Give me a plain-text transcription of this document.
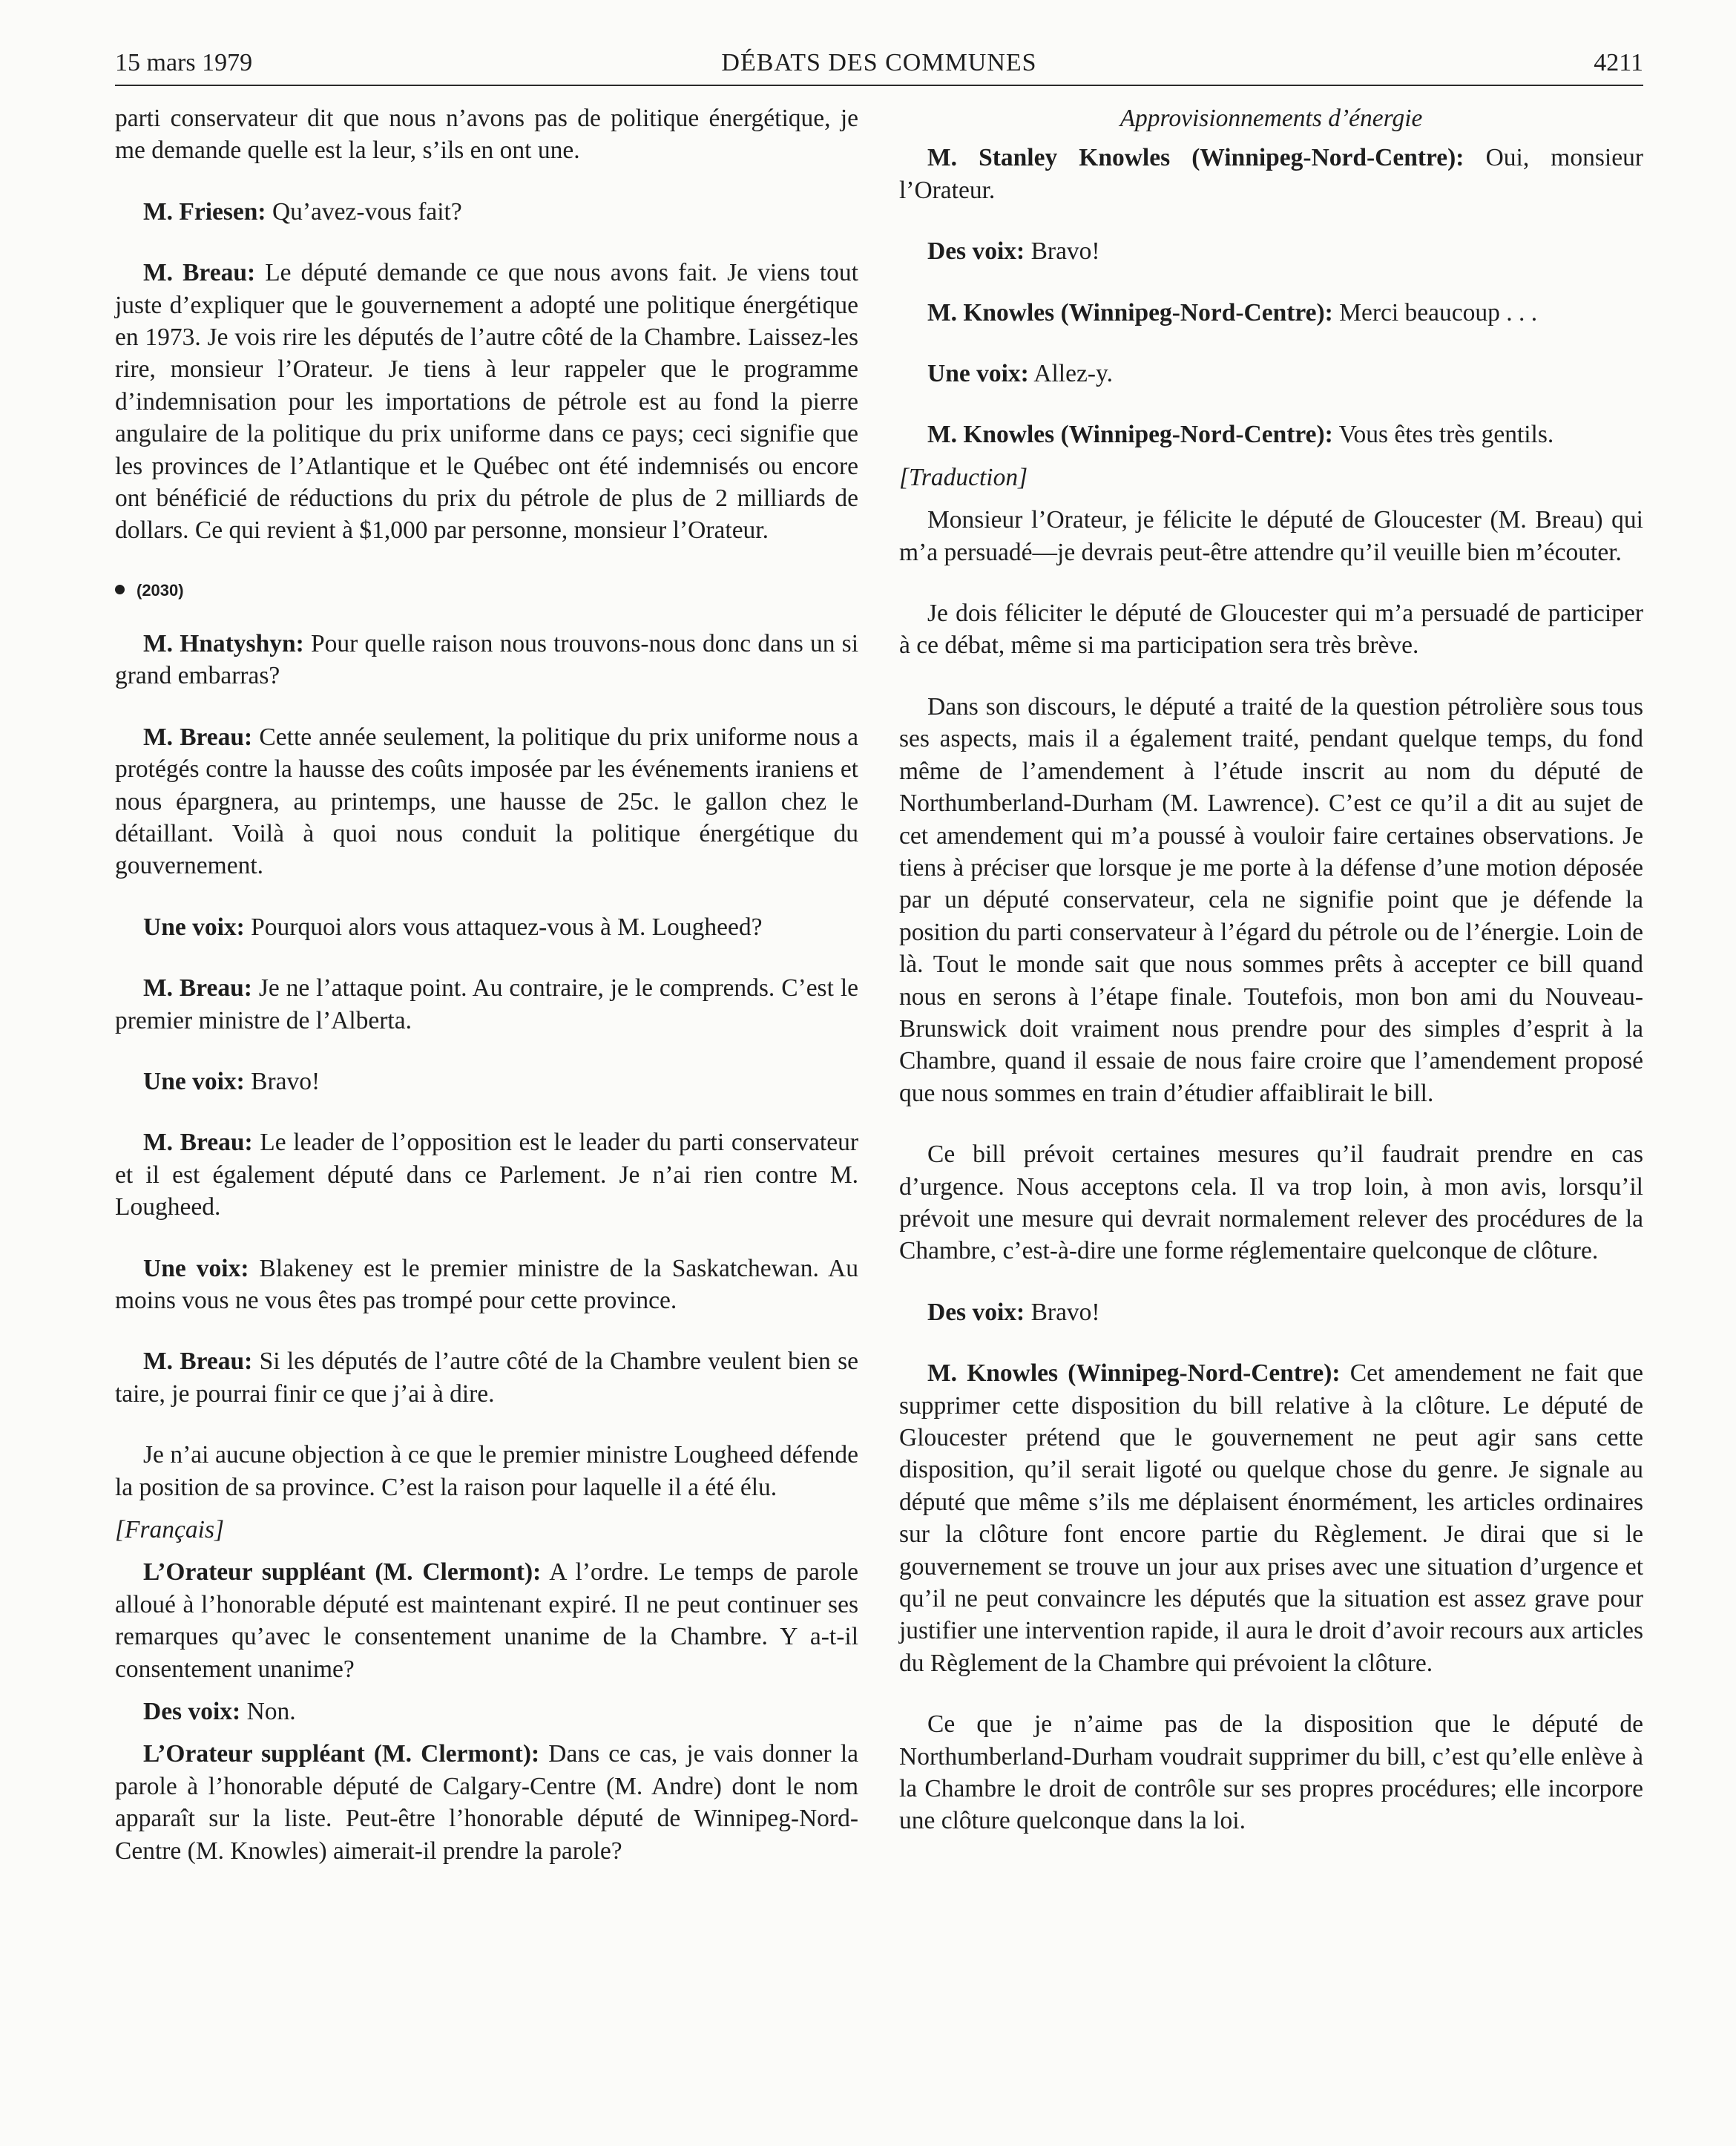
15 mars 1979	DÉBATS DES COMMUNES	4211

parti conservateur dit que nous n’avons pas de politique énergétique, je me demande quelle est la leur, s’ils en ont une.

M. Friesen: Qu’avez-vous fait?

M. Breau: Le député demande ce que nous avons fait. Je viens tout juste d’expliquer que le gouvernement a adopté une politique énergétique en 1973. Je vois rire les députés de l’autre côté de la Chambre. Laissez-les rire, monsieur l’Orateur. Je tiens à leur rappeler que le programme d’indemnisation pour les importations de pétrole est au fond la pierre angulaire de la politique du prix uniforme dans ce pays; ceci signifie que les provinces de l’Atlantique et le Québec ont été indemnisés ou encore ont bénéficié de réductions du prix du pétrole de plus de 2 milliards de dollars. Ce qui revient à $1,000 par personne, monsieur l’Orateur.

(2030)

M. Hnatyshyn: Pour quelle raison nous trouvons-nous donc dans un si grand embarras?

M. Breau: Cette année seulement, la politique du prix uniforme nous a protégés contre la hausse des coûts imposée par les événements iraniens et nous épargnera, au printemps, une hausse de 25c. le gallon chez le détaillant. Voilà à quoi nous conduit la politique énergétique du gouvernement.

Une voix: Pourquoi alors vous attaquez-vous à M. Lougheed?

M. Breau: Je ne l’attaque point. Au contraire, je le comprends. C’est le premier ministre de l’Alberta.

Une voix: Bravo!

M. Breau: Le leader de l’opposition est le leader du parti conservateur et il est également député dans ce Parlement. Je n’ai rien contre M. Lougheed.

Une voix: Blakeney est le premier ministre de la Saskatchewan. Au moins vous ne vous êtes pas trompé pour cette province.

M. Breau: Si les députés de l’autre côté de la Chambre veulent bien se taire, je pourrai finir ce que j’ai à dire.

Je n’ai aucune objection à ce que le premier ministre Lougheed défende la position de sa province. C’est la raison pour laquelle il a été élu.

[Français]

L’Orateur suppléant (M. Clermont): A l’ordre. Le temps de parole alloué à l’honorable député est maintenant expiré. Il ne peut continuer ses remarques qu’avec le consentement unanime de la Chambre. Y a-t-il consentement unanime?

Des voix: Non.

L’Orateur suppléant (M. Clermont): Dans ce cas, je vais donner la parole à l’honorable député de Calgary-Centre (M. Andre) dont le nom apparaît sur la liste. Peut-être l’honorable député de Winnipeg-Nord-Centre (M. Knowles) aimerait-il prendre la parole?

Approvisionnements d’énergie

M. Stanley Knowles (Winnipeg-Nord-Centre): Oui, monsieur l’Orateur.

Des voix: Bravo!

M. Knowles (Winnipeg-Nord-Centre): Merci beaucoup . . .

Une voix: Allez-y.

M. Knowles (Winnipeg-Nord-Centre): Vous êtes très gentils.

[Traduction]

Monsieur l’Orateur, je félicite le député de Gloucester (M. Breau) qui m’a persuadé—je devrais peut-être attendre qu’il veuille bien m’écouter.

Je dois féliciter le député de Gloucester qui m’a persuadé de participer à ce débat, même si ma participation sera très brève.

Dans son discours, le député a traité de la question pétrolière sous tous ses aspects, mais il a également traité, pendant quelque temps, du fond même de l’amendement à l’étude inscrit au nom du député de Northumberland-Durham (M. Lawrence). C’est ce qu’il a dit au sujet de cet amendement qui m’a poussé à vouloir faire certaines observations. Je tiens à préciser que lorsque je me porte à la défense d’une motion déposée par un député conservateur, cela ne signifie point que je défende la position du parti conservateur à l’égard du pétrole ou de l’énergie. Loin de là. Tout le monde sait que nous sommes prêts à accepter ce bill quand nous en serons à l’étape finale. Toutefois, mon bon ami du Nouveau-Brunswick doit vraiment nous prendre pour des simples d’esprit à la Chambre, quand il essaie de nous faire croire que l’amendement proposé que nous sommes en train d’étudier affaiblirait le bill.

Ce bill prévoit certaines mesures qu’il faudrait prendre en cas d’urgence. Nous acceptons cela. Il va trop loin, à mon avis, lorsqu’il prévoit une mesure qui devrait normalement relever des procédures de la Chambre, c’est-à-dire une forme réglementaire quelconque de clôture.

Des voix: Bravo!

M. Knowles (Winnipeg-Nord-Centre): Cet amendement ne fait que supprimer cette disposition du bill relative à la clôture. Le député de Gloucester prétend que le gouvernement ne peut agir sans cette disposition, qu’il serait ligoté ou quelque chose du genre. Je signale au député que même s’ils me déplaisent énormément, les articles ordinaires sur la clôture font encore partie du Règlement. Je dirai que si le gouvernement se trouve un jour aux prises avec une situation d’urgence et qu’il ne peut convaincre les députés que la situation est assez grave pour justifier une intervention rapide, il aura le droit d’avoir recours aux articles du Règlement de la Chambre qui prévoient la clôture.

Ce que je n’aime pas de la disposition que le député de Northumberland-Durham voudrait supprimer du bill, c’est qu’elle enlève à la Chambre le droit de contrôle sur ses propres procédures; elle incorpore une clôture quelconque dans la loi.
